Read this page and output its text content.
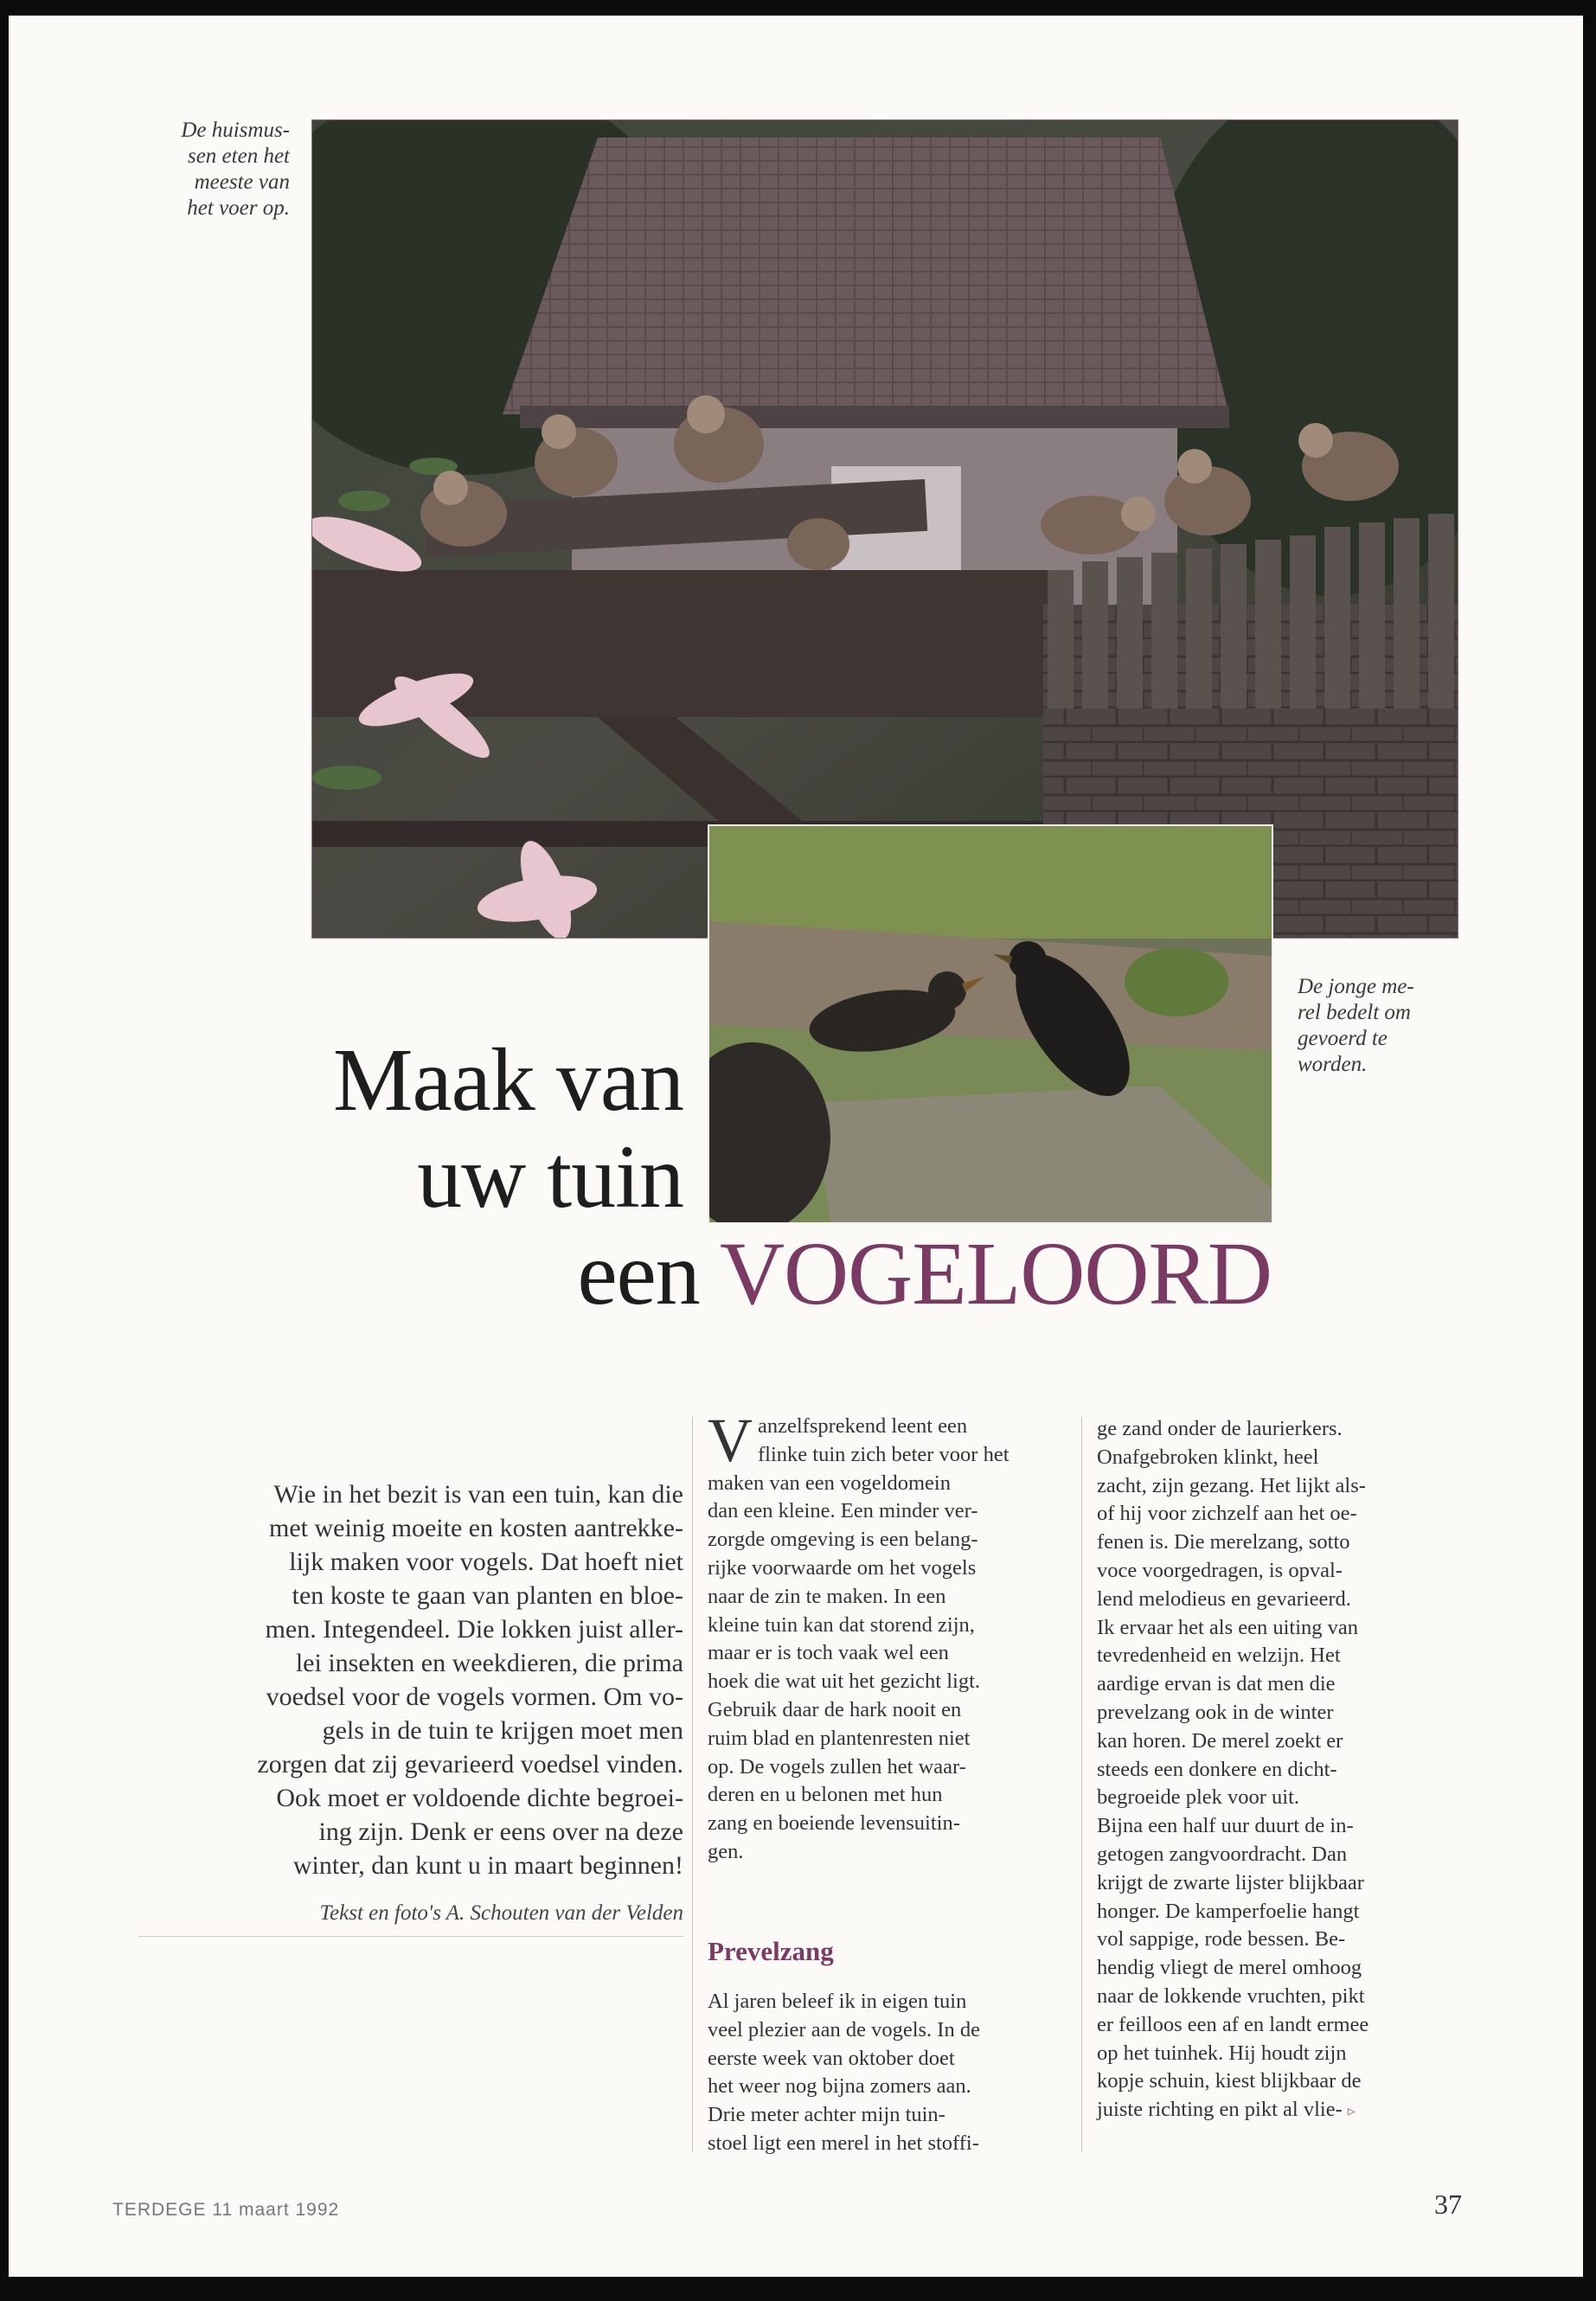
De huismus-
sen eten het
meeste van
het voer op.
De jonge me-
rel bedelt om
gevoerd te
worden.
Maak van
uw tuin
een VOGELOORD
Wie in het bezit is van een tuin, kan die
met weinig moeite en kosten aantrekke-
lijk maken voor vogels. Dat hoeft niet
ten koste te gaan van planten en bloe-
men. Integendeel. Die lokken juist aller-
lei insekten en weekdieren, die prima
voedsel voor de vogels vormen. Om vo-
gels in de tuin te krijgen moet men
zorgen dat zij gevarieerd voedsel vinden.
Ook moet er voldoende dichte begroei-
ing zijn. Denk er eens over na deze
winter, dan kunt u in maart beginnen!
Tekst en foto's A. Schouten van der Velden
Vanzelfsprekend leent een
flinke tuin zich beter voor het
maken van een vogeldomein
dan een kleine. Een minder ver-
zorgde omgeving is een belang-
rijke voorwaarde om het vogels
naar de zin te maken. In een
kleine tuin kan dat storend zijn,
maar er is toch vaak wel een
hoek die wat uit het gezicht ligt.
Gebruik daar de hark nooit en
ruim blad en plantenresten niet
op. De vogels zullen het waar-
deren en u belonen met hun
zang en boeiende levensuitin-
gen.
Prevelzang
Al jaren beleef ik in eigen tuin
veel plezier aan de vogels. In de
eerste week van oktober doet
het weer nog bijna zomers aan.
Drie meter achter mijn tuin-
stoel ligt een merel in het stoffi-
ge zand onder de laurierkers.
Onafgebroken klinkt, heel
zacht, zijn gezang. Het lijkt als-
of hij voor zichzelf aan het oe-
fenen is. Die merelzang, sotto
voce voorgedragen, is opval-
lend melodieus en gevarieerd.
Ik ervaar het als een uiting van
tevredenheid en welzijn. Het
aardige ervan is dat men die
prevelzang ook in de winter
kan horen. De merel zoekt er
steeds een donkere en dicht-
begroeide plek voor uit.
Bijna een half uur duurt de in-
getogen zangvoordracht. Dan
krijgt de zwarte lijster blijkbaar
honger. De kamperfoelie hangt
vol sappige, rode bessen. Be-
hendig vliegt de merel omhoog
naar de lokkende vruchten, pikt
er feilloos een af en landt ermee
op het tuinhek. Hij houdt zijn
kopje schuin, kiest blijkbaar de
juiste richting en pikt al vlie- ▹
TERDEGE 11 maart 1992	37
